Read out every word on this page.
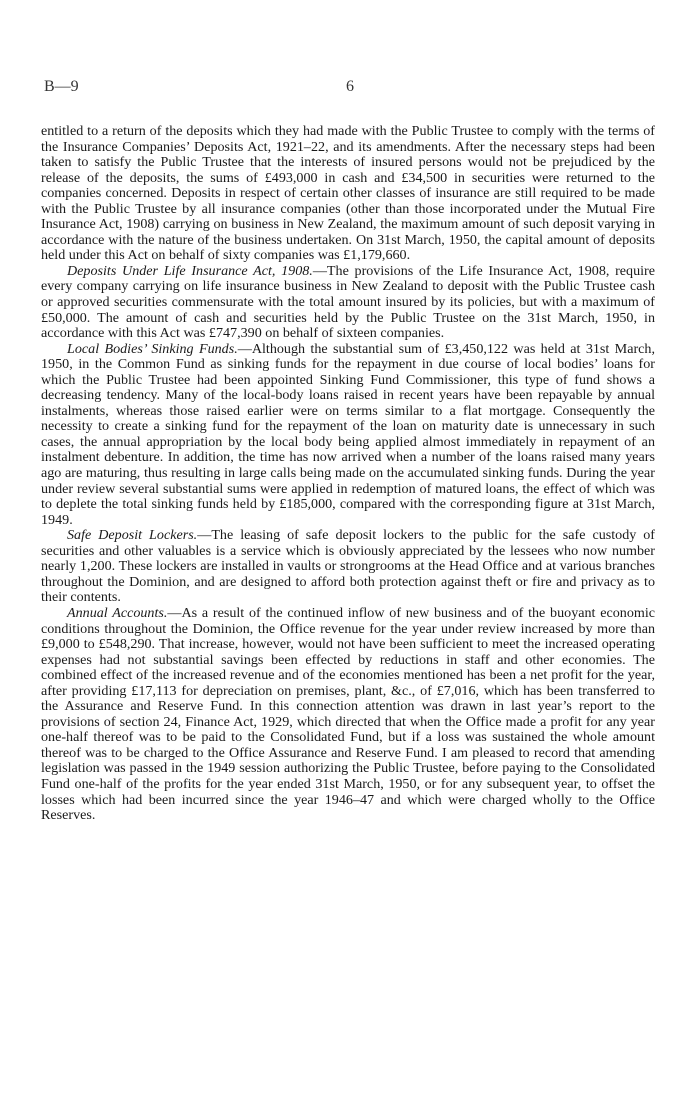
B—9	6

entitled to a return of the deposits which they had made with the Public Trustee to comply with the terms of the Insurance Companies’ Deposits Act, 1921–22, and its amendments. After the necessary steps had been taken to satisfy the Public Trustee that the interests of insured persons would not be prejudiced by the release of the deposits, the sums of £493,000 in cash and £34,500 in securities were returned to the companies concerned. Deposits in respect of certain other classes of insurance are still required to be made with the Public Trustee by all insurance companies (other than those incorporated under the Mutual Fire Insurance Act, 1908) carrying on business in New Zealand, the maximum amount of such deposit varying in accordance with the nature of the business undertaken. On 31st March, 1950, the capital amount of deposits held under this Act on behalf of sixty companies was £1,179,660.

Deposits Under Life Insurance Act, 1908.—The provisions of the Life Insurance Act, 1908, require every company carrying on life insurance business in New Zealand to deposit with the Public Trustee cash or approved securities commensurate with the total amount insured by its policies, but with a maximum of £50,000. The amount of cash and securities held by the Public Trustee on the 31st March, 1950, in accordance with this Act was £747,390 on behalf of sixteen companies.

Local Bodies’ Sinking Funds.—Although the substantial sum of £3,450,122 was held at 31st March, 1950, in the Common Fund as sinking funds for the repayment in due course of local bodies’ loans for which the Public Trustee had been appointed Sinking Fund Commissioner, this type of fund shows a decreasing tendency. Many of the local-body loans raised in recent years have been repayable by annual instalments, whereas those raised earlier were on terms similar to a flat mortgage. Consequently the necessity to create a sinking fund for the repayment of the loan on maturity date is unnecessary in such cases, the annual appropriation by the local body being applied almost immediately in repayment of an instalment debenture. In addition, the time has now arrived when a number of the loans raised many years ago are maturing, thus resulting in large calls being made on the accumulated sinking funds. During the year under review several substantial sums were applied in redemption of matured loans, the effect of which was to deplete the total sinking funds held by £185,000, compared with the corresponding figure at 31st March, 1949.

Safe Deposit Lockers.—The leasing of safe deposit lockers to the public for the safe custody of securities and other valuables is a service which is obviously appreciated by the lessees who now number nearly 1,200. These lockers are installed in vaults or strongrooms at the Head Office and at various branches throughout the Dominion, and are designed to afford both protection against theft or fire and privacy as to their contents.

Annual Accounts.—As a result of the continued inflow of new business and of the buoyant economic conditions throughout the Dominion, the Office revenue for the year under review increased by more than £9,000 to £548,290. That increase, however, would not have been sufficient to meet the increased operating expenses had not substantial savings been effected by reductions in staff and other economies. The combined effect of the increased revenue and of the economies mentioned has been a net profit for the year, after providing £17,113 for depreciation on premises, plant, &c., of £7,016, which has been transferred to the Assurance and Reserve Fund. In this connection attention was drawn in last year’s report to the provisions of section 24, Finance Act, 1929, which directed that when the Office made a profit for any year one-half thereof was to be paid to the Consolidated Fund, but if a loss was sustained the whole amount thereof was to be charged to the Office Assurance and Reserve Fund. I am pleased to record that amending legislation was passed in the 1949 session authorizing the Public Trustee, before paying to the Consolidated Fund one-half of the profits for the year ended 31st March, 1950, or for any subsequent year, to offset the losses which had been incurred since the year 1946–47 and which were charged wholly to the Office Reserves.
